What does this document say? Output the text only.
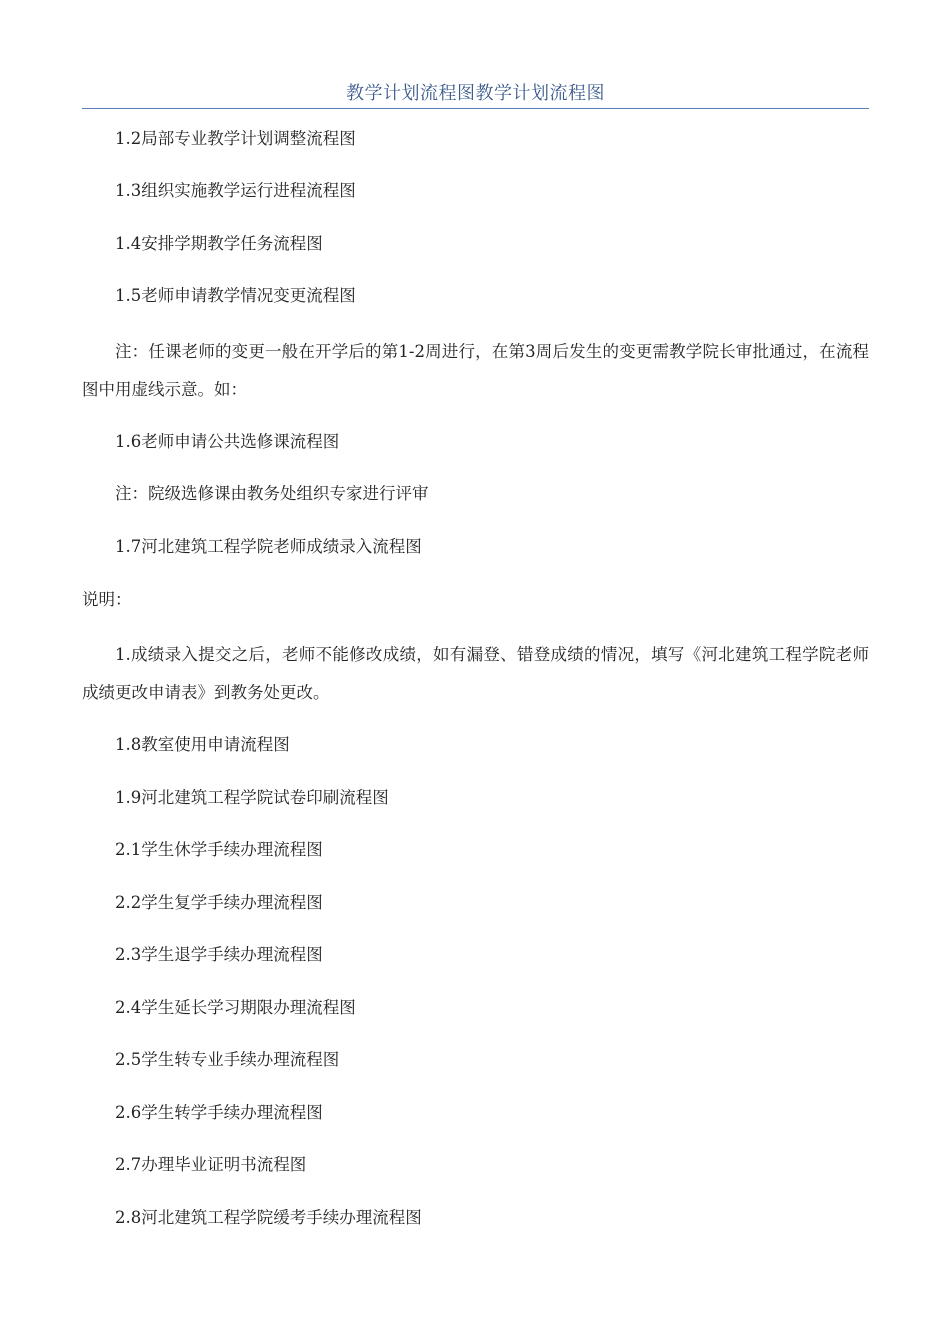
教学计划流程图教学计划流程图

1.2局部专业教学计划调整流程图

1.3组织实施教学运行进程流程图

1.4安排学期教学任务流程图

1.5老师申请教学情况变更流程图

注：任课老师的变更一般在开学后的第1-2周进行，在第3周后发生的变更需教学院长审批通过，在流程图中用虚线示意。如：

1.6老师申请公共选修课流程图

注：院级选修课由教务处组织专家进行评审

1.7河北建筑工程学院老师成绩录入流程图

说明：

1.成绩录入提交之后，老师不能修改成绩，如有漏登、错登成绩的情况，填写《河北建筑工程学院老师成绩更改申请表》到教务处更改。

1.8教室使用申请流程图

1.9河北建筑工程学院试卷印刷流程图

2.1学生休学手续办理流程图

2.2学生复学手续办理流程图

2.3学生退学手续办理流程图

2.4学生延长学习期限办理流程图

2.5学生转专业手续办理流程图

2.6学生转学手续办理流程图

2.7办理毕业证明书流程图

2.8河北建筑工程学院缓考手续办理流程图
